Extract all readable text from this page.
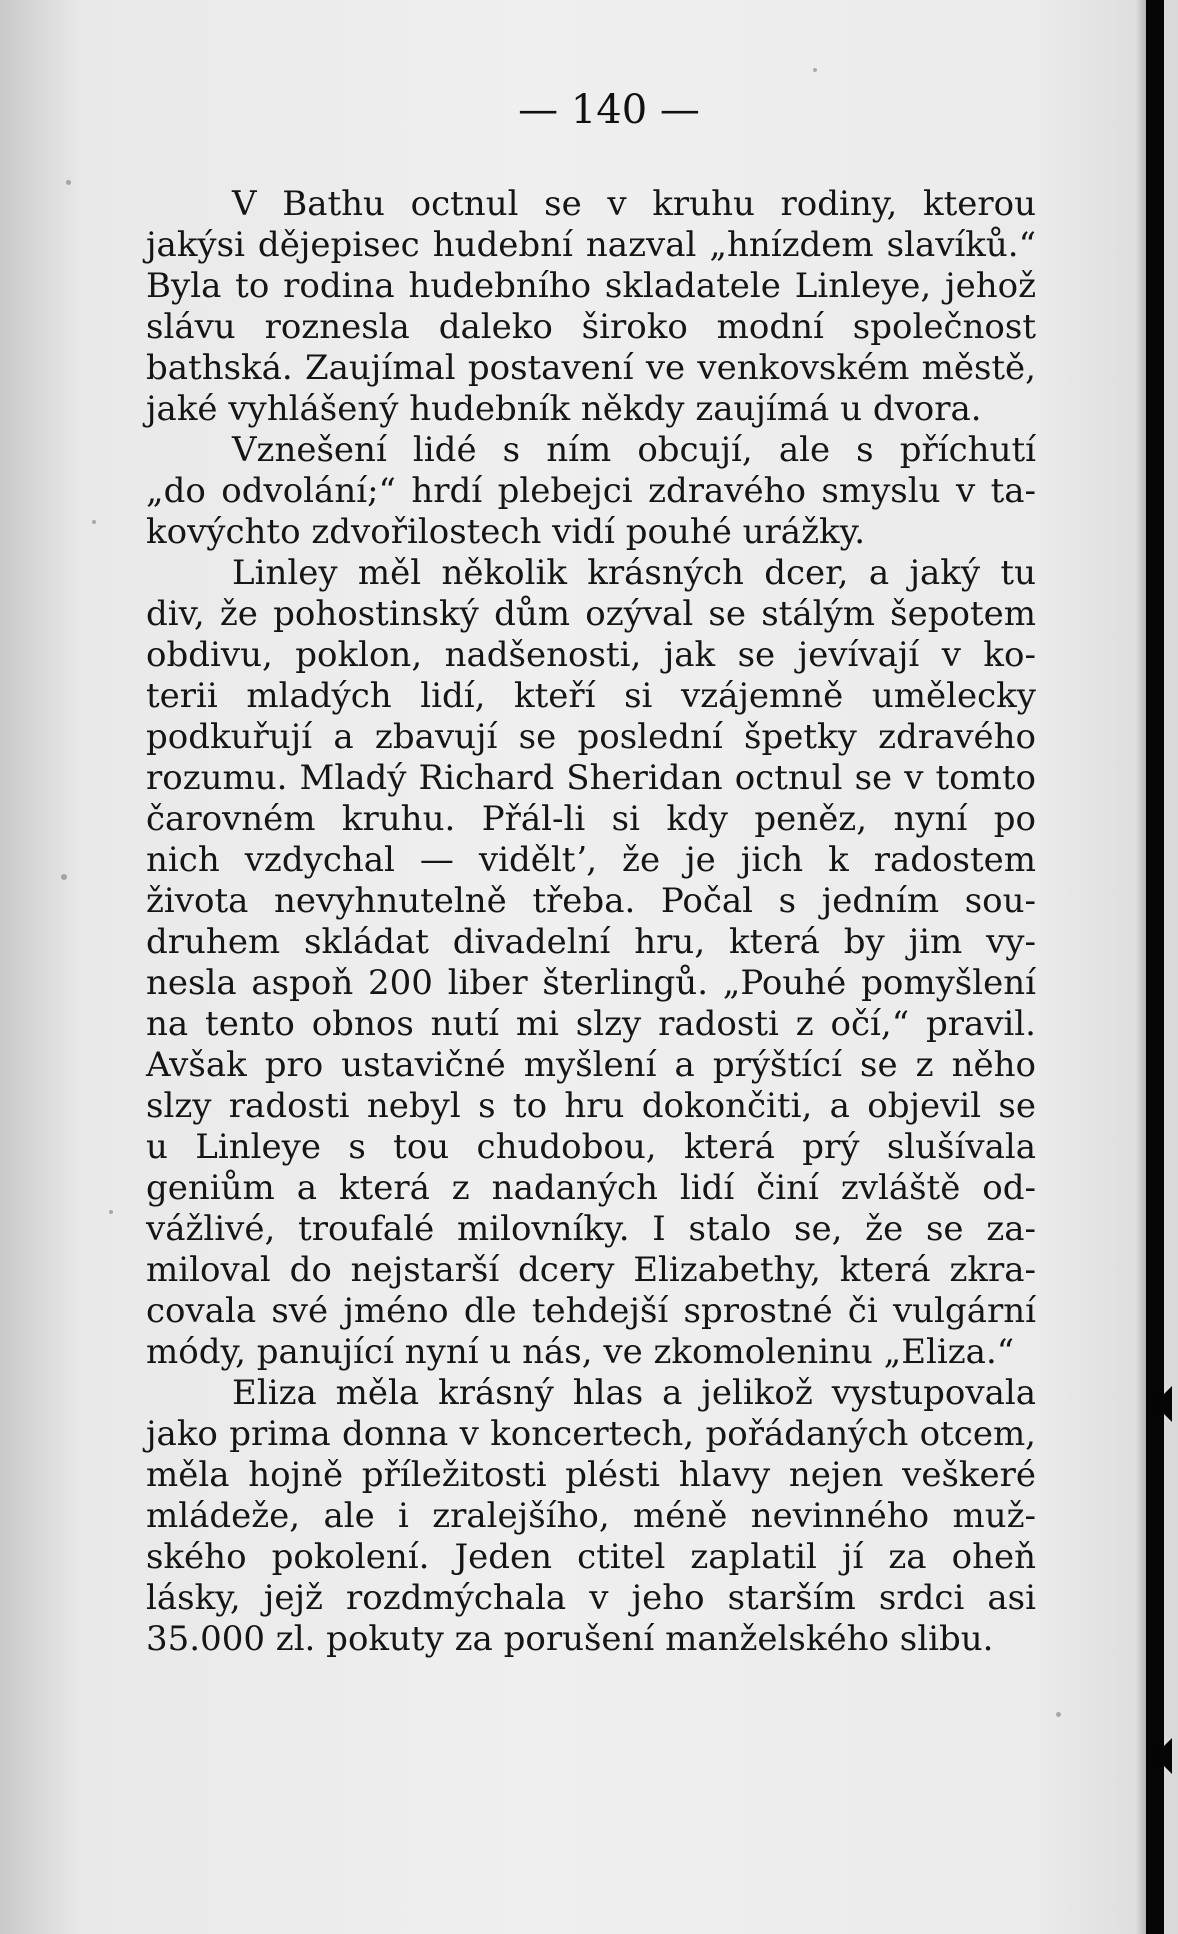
— 140 —

V Bathu octnul se v kruhu rodiny, kterou

jakýsi dějepisec hudební nazval „hnízdem slavíků.“

Byla to rodina hudebního skladatele Linleye, jehož

slávu roznesla daleko široko modní společnost

bathská. Zaujímal postavení ve venkovském městě,

jaké vyhlášený hudebník někdy zaujímá u dvora.

Vznešení lidé s ním obcují, ale s příchutí

„do odvolání;“ hrdí plebejci zdravého smyslu v ta-

kovýchto zdvořilostech vidí pouhé urážky.

Linley měl několik krásných dcer, a jaký tu

div, že pohostinský dům ozýval se stálým šepotem

obdivu, poklon, nadšenosti, jak se jevívají v ko-

terii mladých lidí, kteří si vzájemně umělecky

podkuřují a zbavují se poslední špetky zdravého

rozumu. Mladý Richard Sheridan octnul se v tomto

čarovném kruhu. Přál-li si kdy peněz, nyní po

nich vzdychal — viděltʼ, že je jich k radostem

života nevyhnutelně třeba. Počal s jedním sou-

druhem skládat divadelní hru, která by jim vy-

nesla aspoň 200 liber šterlingů. „Pouhé pomyšlení

na tento obnos nutí mi slzy radosti z očí,“ pravil.

Avšak pro ustavičné myšlení a prýštící se z něho

slzy radosti nebyl s to hru dokončiti, a objevil se

u Linleye s tou chudobou, která prý slušívala

geniům a která z nadaných lidí činí zvláště od-

vážlivé, troufalé milovníky. I stalo se, že se za-

miloval do nejstarší dcery Elizabethy, která zkra-

covala své jméno dle tehdejší sprostné či vulgární

módy, panující nyní u nás, ve zkomoleninu „Eliza.“

Eliza měla krásný hlas a jelikož vystupovala

jako prima donna v koncertech, pořádaných otcem,

měla hojně příležitosti plésti hlavy nejen veškeré

mládeže, ale i zralejšího, méně nevinného muž-

ského pokolení. Jeden ctitel zaplatil jí za oheň

lásky, jejž rozdmýchala v jeho starším srdci asi

35.000 zl. pokuty za porušení manželského slibu.
